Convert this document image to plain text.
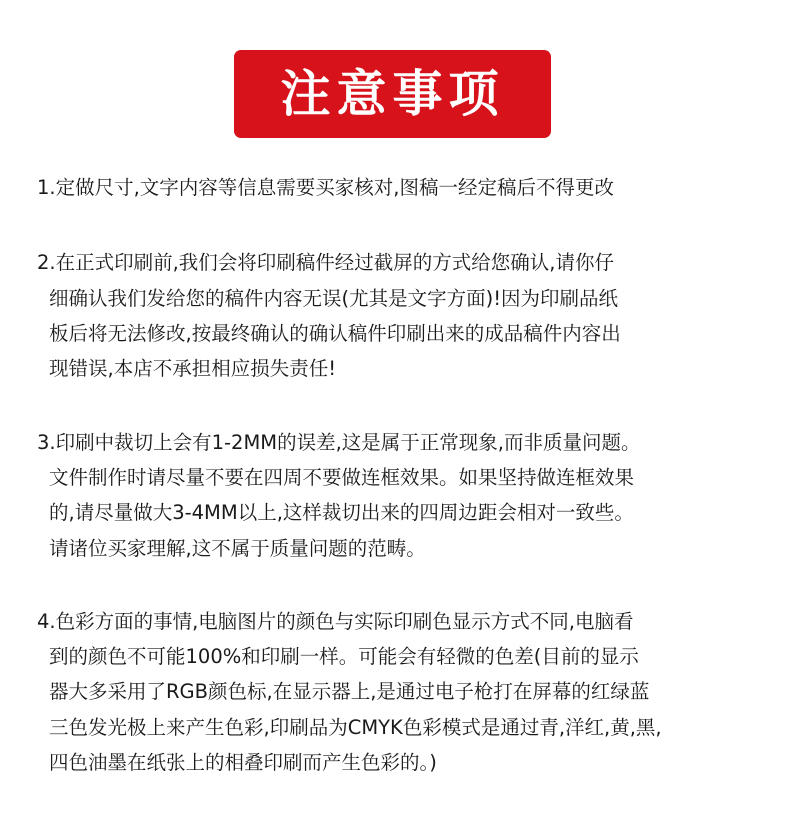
注意事项
1.定做尺寸,文字内容等信息需要买家核对,图稿一经定稿后不得更改
2.在正式印刷前,我们会将印刷稿件经过截屏的方式给您确认,请你仔
细确认我们发给您的稿件内容无误(尤其是文字方面)!因为印刷品纸
板后将无法修改,按最终确认的确认稿件印刷出来的成品稿件内容出
现错误,本店不承担相应损失责任!
3.印刷中裁切上会有1-2MM的误差,这是属于正常现象,而非质量问题。
文件制作时请尽量不要在四周不要做连框效果。如果坚持做连框效果
的,请尽量做大3-4MM以上,这样裁切出来的四周边距会相对一致些。
请诸位买家理解,这不属于质量问题的范畴。
4.色彩方面的事情,电脑图片的颜色与实际印刷色显示方式不同,电脑看
到的颜色不可能100%和印刷一样。可能会有轻微的色差(目前的显示
器大多采用了RGB颜色标,在显示器上,是通过电子枪打在屏幕的红绿蓝
三色发光极上来产生色彩,印刷品为CMYK色彩模式是通过青,洋红,黄,黑,
四色油墨在纸张上的相叠印刷而产生色彩的。)
